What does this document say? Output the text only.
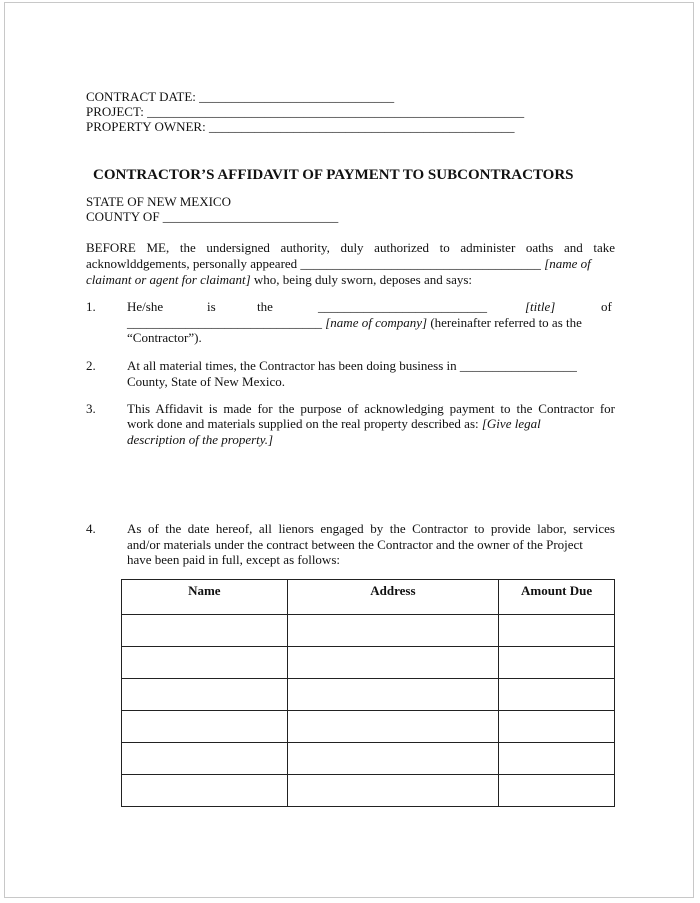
CONTRACT DATE: ______________________________
PROJECT: __________________________________________________________
PROPERTY OWNER: _______________________________________________
CONTRACTOR’S AFFIDAVIT OF PAYMENT TO SUBCONTRACTORS
STATE OF NEW MEXICO
COUNTY OF ___________________________
BEFORE ME, the undersigned authority, duly authorized to administer oaths and take
acknowlddgements, personally appeared _____________________________________ [name of
claimant or agent for claimant] who, being duly sworn, deposes and says:
1. He/she	is	the	__________________________	[title]	of
______________________________ [name of company] (hereinafter referred to as the
“Contractor”).
2. At all material times, the Contractor has been doing business in __________________
County, State of New Mexico.
3. This Affidavit is made for the purpose of acknowledging payment to the Contractor for
work done and materials supplied on the real property described as: [Give legal
description of the property.]
4. As of the date hereof, all lienors engaged by the Contractor to provide labor, services
and/or materials under the contract between the Contractor and the owner of the Project
have been paid in full, except as follows:
Name	Address	Amount Due
